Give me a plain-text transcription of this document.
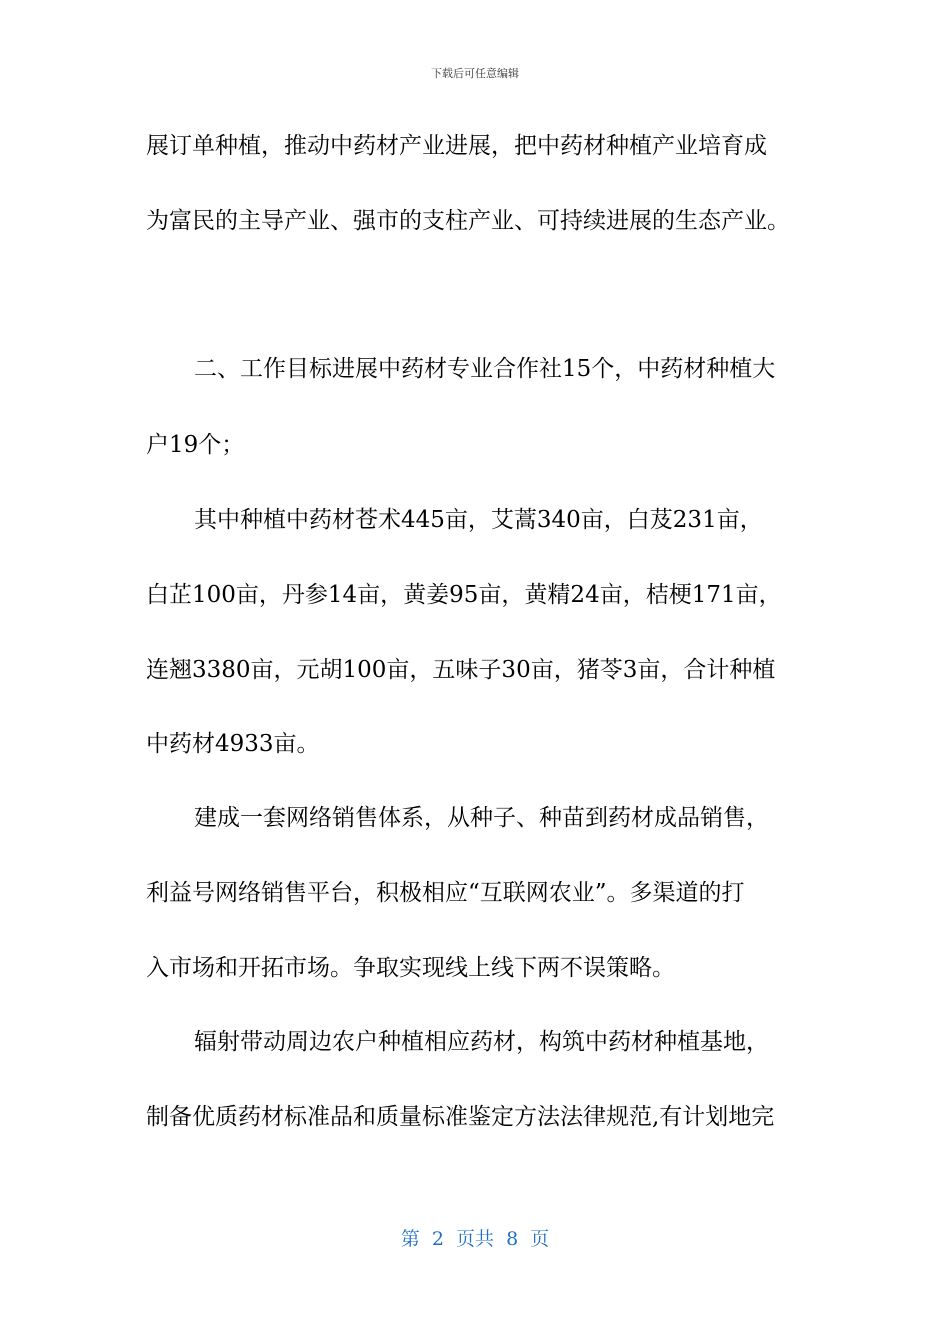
下载后可任意编辑
展订单种植，推动中药材产业进展，把中药材种植产业培育成
为富民的主导产业、强市的支柱产业、可持续进展的生态产业。
二、工作目标进展中药材专业合作社15个，中药材种植大
户19个；
其中种植中药材苍术445亩，艾蒿340亩，白芨231亩，
白芷100亩，丹参14亩，黄姜95亩，黄精24亩，桔梗171亩，
连翘3380亩，元胡100亩，五味子30亩，猪苓3亩，合计种植
中药材4933亩。
建成一套网络销售体系，从种子、种苗到药材成品销售，
利益号网络销售平台，积极相应“互联网农业”。多渠道的打
入市场和开拓市场。争取实现线上线下两不误策略。
辐射带动周边农户种植相应药材，构筑中药材种植基地，
制备优质药材标准品和质量标准鉴定方法法律规范,有计划地完
第  2  页共  8  页
